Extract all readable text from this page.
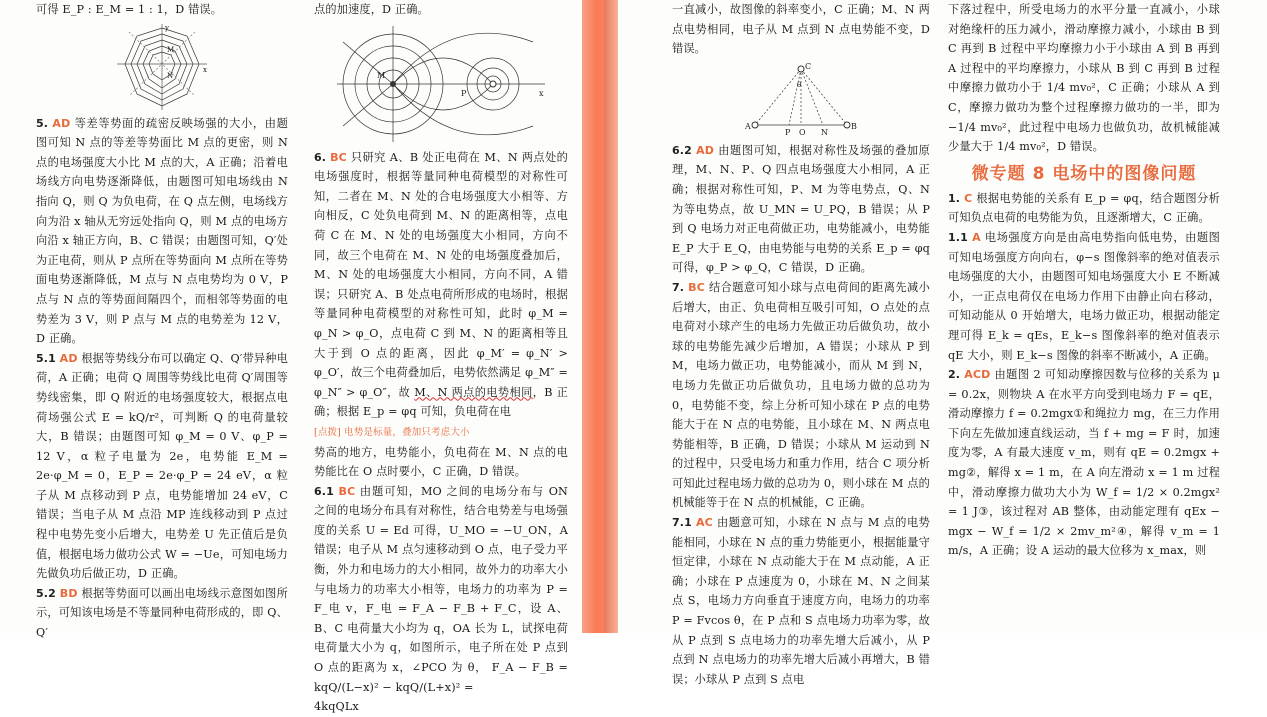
可得 E_P : E_M = 1 : 1，D 错误。

M
N
x
y

5. AD 等差等势面的疏密反映场强的大小，由题图可知 N 点的等差等势面比 M 点的更密，则 N 点的电场强度大小比 M 点的大，A 正确；沿着电场线方向电势逐渐降低，由题图可知电场线由 N 指向 Q，则 Q 为负电荷，在 Q 点左侧，电场线方向为沿 x 轴从无穷远处指向 Q，则 M 点的电场方向沿 x 轴正方向，B、C 错误；由题图可知，Q′处为正电荷，则从 P 点所在等势面向 M 点所在等势面电势逐渐降低，M 点与 N 点电势均为 0 V，P 点与 N 点的等势面间隔四个，而相邻等势面的电势差为 3 V，则 P 点与 M 点的电势差为 12 V，D 正确。

5.1 AD 根据等势线分布可以确定 Q、Q′带异种电荷，A 正确；电荷 Q 周围等势线比电荷 Q′周围等势线密集，即 Q 附近的电场强度较大，根据点电荷场强公式 E = kQ/r²，可判断 Q 的电荷量较大，B 错误；由题图可知 φ_M = 0 V、φ_P = 12 V，α 粒子电量为 2e，电势能 E_M = 2e·φ_M = 0，E_P = 2e·φ_P = 24 eV，α 粒子从 M 点移动到 P 点，电势能增加 24 eV，C 错误；当电子从 M 点沿 MP 连线移动到 P 点过程中电势先变小后增大，电势差 U 先正值后是负值，根据电场力做功公式 W = −Ue，可知电场力先做负功后做正功，D 正确。

5.2 BD 根据等势面可以画出电场线示意图如图所示，可知该电场是不等量同种电荷形成的，即 Q、Q′

点的加速度，D 正确。

M
P	x

6. BC 只研究 A、B 处正电荷在 M、N 两点处的电场强度时，根据等量同种电荷模型的对称性可知，二者在 M、N 处的合电场强度大小相等、方向相反，C 处负电荷到 M、N 的距离相等，点电荷 C 在 M、N 处的电场强度大小相同，方向不同，故三个电荷在 M、N 处的电场强度叠加后，M、N 处的电场强度大小相同，方向不同，A 错误；只研究 A、B 处点电荷所形成的电场时，根据等量同种电荷模型的对称性可知，此时 φ_M = φ_N > φ_O，点电荷 C 到 M、N 的距离相等且大于到 O 点的距离，因此 φ_M′ = φ_N′ > φ_O′，故三个电荷叠加后，电势依然满足 φ_M″ = φ_N″ > φ_O″，故 M、N 两点的电势相同，B 正确；根据 E_p = φq 可知，负电荷在电
[点拨] 电势是标量，叠加只考虑大小
势高的地方，电势能小，负电荷在 M、N 点的电势能比在 O 点时要小，C 正确，D 错误。

6.1 BC 由题可知，MO 之间的电场分布与 ON 之间的电场分布具有对称性，结合电势差与电场强度的关系 U = Ed 可得，U_MO = −U_ON，A 错误；电子从 M 点匀速移动到 O 点，电子受力平衡，外力和电场力的大小相同，故外力的功率大小与电场力的功率大小相等，电场力的功率为 P = F_电 v，F_电 = F_A − F_B + F_C，设 A、B、C 电荷量大小均为 q，OA 长为 L，试探电荷电荷量大小为 q，如图所示，电子所在处 P 点到 O 点的距离为 x，∠PCO 为 θ， F_A − F_B = kqQ/(L−x)² − kqQ/(L+x)² =
4kqQLx

一直减小，故图像的斜率变小，C 正确；M、N 两点电势相同，电子从 M 点到 N 点电势能不变，D 错误。

C
θ
A	B
P O N

6.2 AD 由题图可知，根据对称性及场强的叠加原理，M、N、P、Q 四点电场强度大小相同，A 正确；根据对称性可知，P、M 为等电势点，Q、N 为等电势点，故 U_MN = U_PQ，B 错误；从 P 到 Q 电场力对正电荷做正功，电势能减小，电势能 E_P 大于 E_Q，由电势能与电势的关系 E_p = φq 可得，φ_P > φ_Q，C 错误，D 正确。

7. BC 结合题意可知小球与点电荷间的距离先减小后增大，由正、负电荷相互吸引可知，O 点处的点电荷对小球产生的电场力先做正功后做负功，故小球的电势能先减少后增加，A 错误；小球从 P 到 M，电场力做正功，电势能减小，而从 M 到 N，电场力先做正功后做负功，且电场力做的总功为 0，电势能不变，综上分析可知小球在 P 点的电势能大于在 N 点的电势能，且小球在 M、N 两点电势能相等，B 正确，D 错误；小球从 M 运动到 N 的过程中，只受电场力和重力作用，结合 C 项分析可知此过程电场力做的总功为 0，则小球在 M 点的机械能等于在 N 点的机械能，C 正确。

7.1 AC 由题意可知，小球在 N 点与 M 点的电势能相同，小球在 N 点的重力势能更小，根据能量守恒定律，小球在 N 点动能大于在 M 点动能，A 正确；小球在 P 点速度为 0，小球在 M、N 之间某点 S，电场力方向垂直于速度方向，电场力的功率 P = Fvcos θ，在 P 点和 S 点电场力功率为零，故从 P 点到 S 点电场力的功率先增大后减小，从 P 点到 N 点电场力的功率先增大后减小再增大，B 错误；小球从 P 点到 S 点电

下落过程中，所受电场力的水平分量一直减小，小球对绝缘杆的压力减小，滑动摩擦力减小，小球由 B 到 C 再到 B 过程中平均摩擦力小于小球由 A 到 B 再到 A 过程中的平均摩擦力，小球从 B 到 C 再到 B 过程中摩擦力做功小于 1/4 mv₀²，C 正确；小球从 A 到 C，摩擦力做功为整个过程摩擦力做功的一半，即为 −1/4 mv₀²，此过程中电场力也做负功，故机械能减少量大于 1/4 mv₀²，D 错误。

微专题 8 电场中的图像问题

1. C 根据电势能的关系有 E_p = φq，结合题图分析可知负点电荷的电势能为负，且逐渐增大，C 正确。

1.1 A 电场强度方向是由高电势指向低电势，由题图可知电场强度方向向右，φ−s 图像斜率的绝对值表示电场强度的大小，由题图可知电场强度大小 E 不断减小，一正点电荷仅在电场力作用下由静止向右移动，可知动能从 0 开始增大，电场力做正功，根据动能定理可得 E_k = qEs，E_k−s 图像斜率的绝对值表示 qE 大小，则 E_k−s 图像的斜率不断减小，A 正确。

2. ACD 由题图 2 可知动摩擦因数与位移的关系为 μ = 0.2x，则物块 A 在水平方向受到电场力 F = qE，滑动摩擦力 f = 0.2mgx①和绳拉力 mg，在三力作用下向左先做加速直线运动，当 f + mg = F 时，加速度为零，A 有最大速度 v_m，则有 qE = 0.2mgx + mg②，解得 x = 1 m，在 A 向左滑动 x = 1 m 过程中，滑动摩擦力做功大小为 W_f = 1/2 × 0.2mgx² = 1 J③，该过程对 AB 整体，由动能定理有 qEx − mgx − W_f = 1/2 × 2mv_m²④，解得 v_m = 1 m/s，A 正确；设 A 运动的最大位移为 x_max，则
